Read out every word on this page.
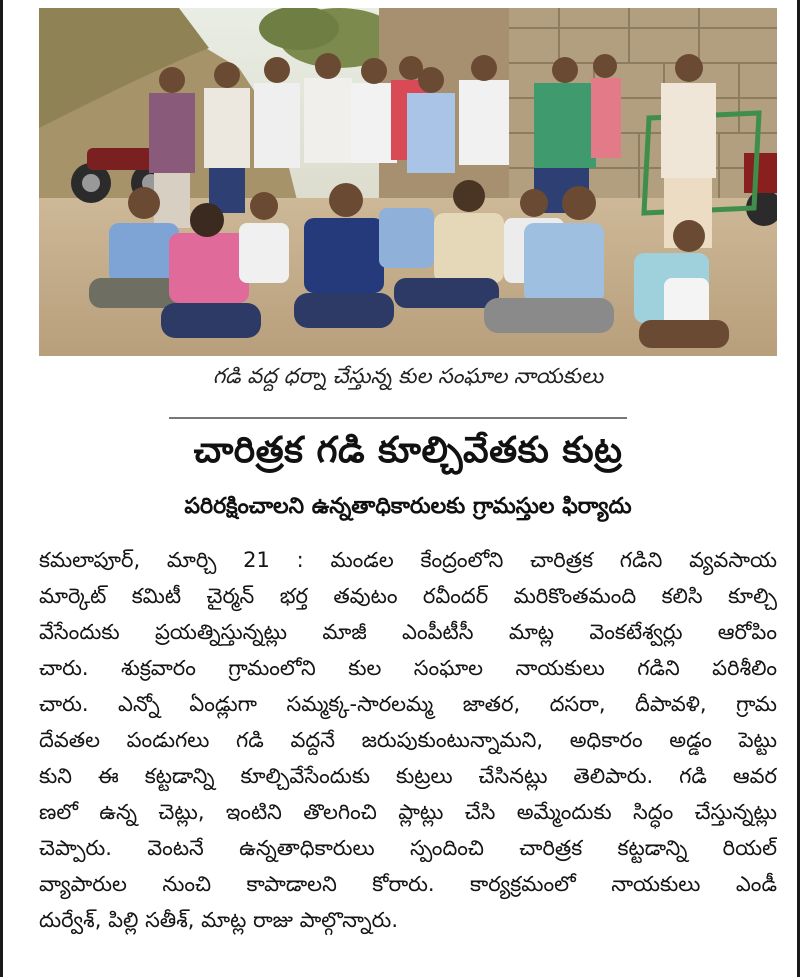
గడి వద్ద ధర్నా చేస్తున్న కుల సంఘాల నాయకులు
చారిత్రక గడి కూల్చివేతకు కుట్ర
పరిరక్షించాలని ఉన్నతాధికారులకు గ్రామస్తుల ఫిర్యాదు
కమలాపూర్, మార్చి 21 : మండల కేంద్రంలోని చారిత్రక గడిని వ్యవసాయ
మార్కెట్ కమిటీ చైర్మన్ భర్త తవుటం రవీందర్ మరికొంతమంది కలిసి కూల్చి
వేసేందుకు ప్రయత్నిస్తున్నట్లు మాజీ ఎంపీటీసీ మాట్ల వెంకటేశ్వర్లు ఆరోపిం
చారు. శుక్రవారం గ్రామంలోని కుల సంఘాల నాయకులు గడిని పరిశీలిం
చారు. ఎన్నో ఏండ్లుగా సమ్మక్క-సారలమ్మ జాతర, దసరా, దీపావళి, గ్రామ
దేవతల పండుగలు గడి వద్దనే జరుపుకుంటున్నామని, అధికారం అడ్డం పెట్టు
కుని ఈ కట్టడాన్ని కూల్చివేసేందుకు కుట్రలు చేసినట్లు తెలిపారు. గడి ఆవర
ణలో ఉన్న చెట్లు, ఇంటిని తొలగించి ప్లాట్లు చేసి అమ్మేందుకు సిద్ధం చేస్తున్నట్లు
చెప్పారు. వెంటనే ఉన్నతాధికారులు స్పందించి చారిత్రక కట్టడాన్ని రియల్
వ్యాపారుల నుంచి కాపాడాలని కోరారు. కార్యక్రమంలో నాయకులు ఎండీ
దుర్వేశ్, పిల్లి సతీశ్, మాట్ల రాజు పాల్గొన్నారు.
